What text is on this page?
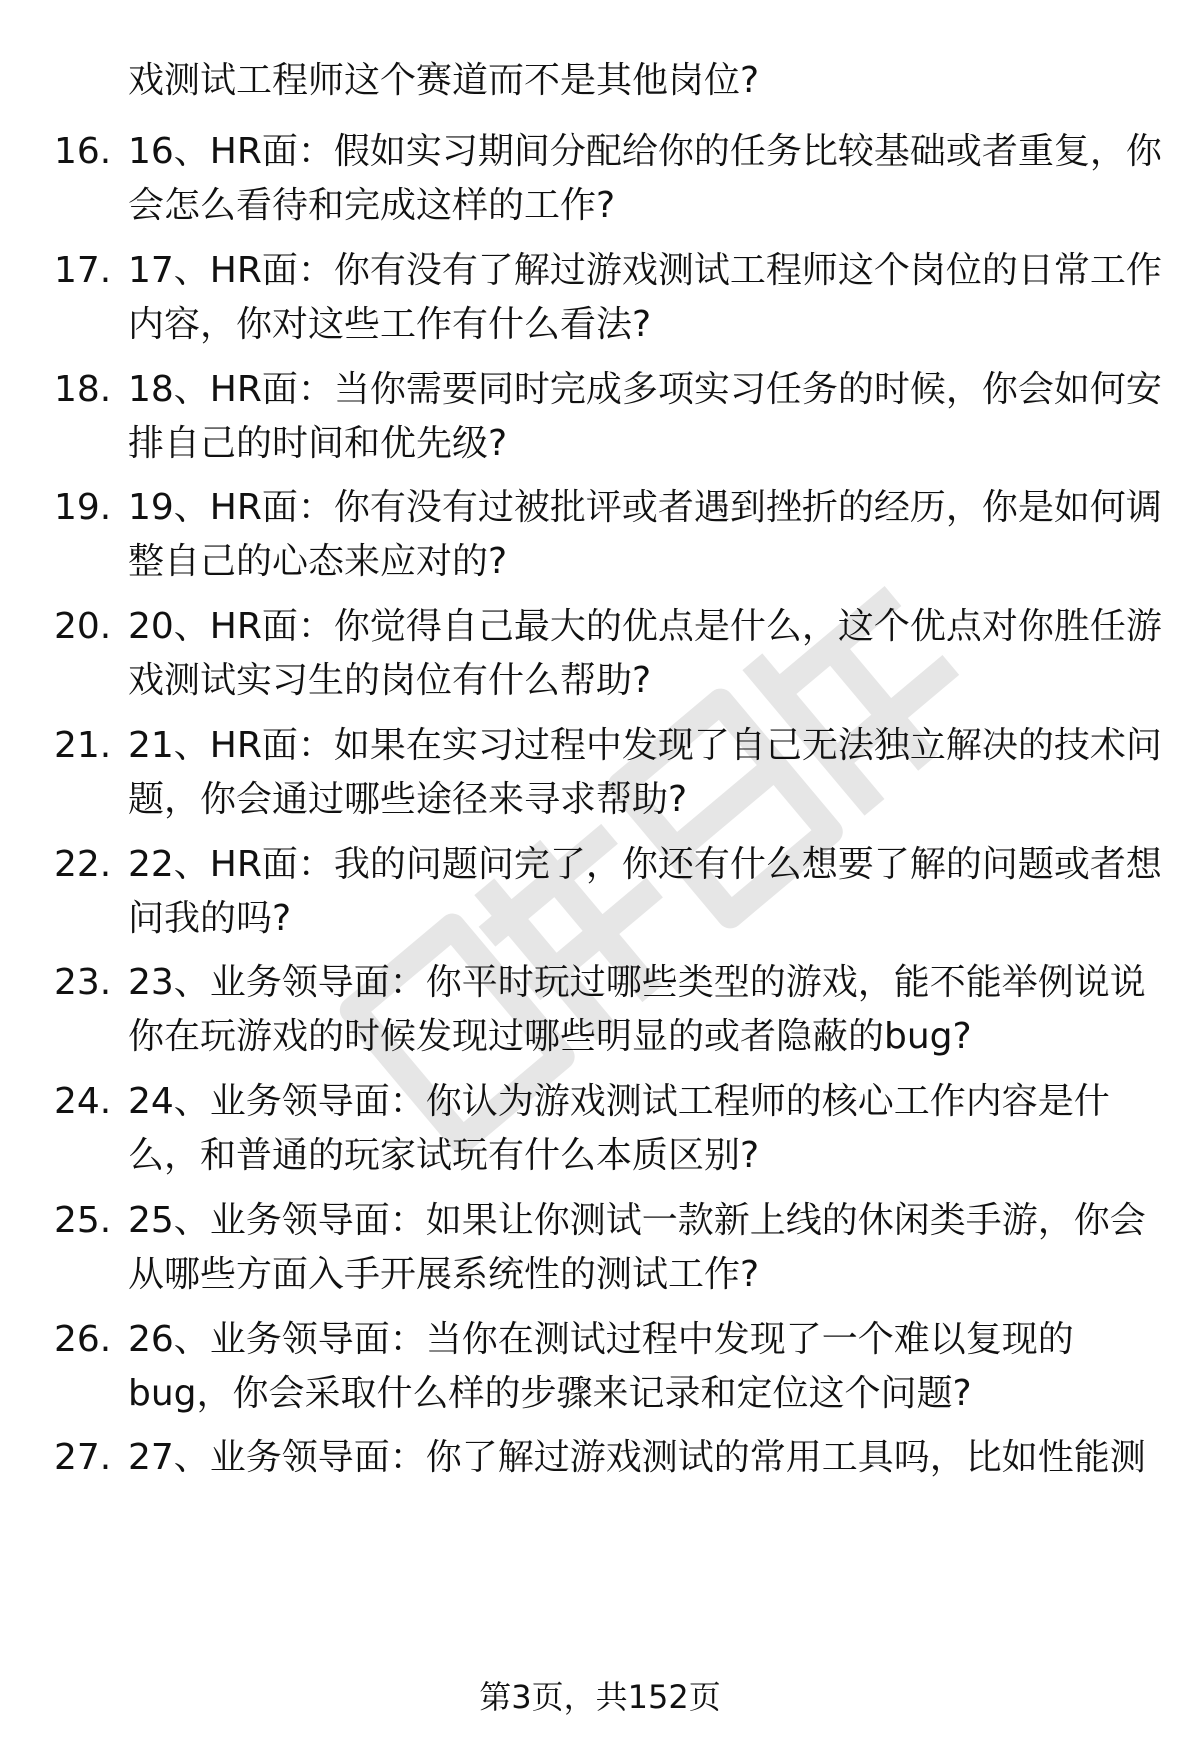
戏测试工程师这个赛道而不是其他岗位?
16. 16、HR面：假如实习期间分配给你的任务比较基础或者重复，你
会怎么看待和完成这样的工作?
17. 17、HR面：你有没有了解过游戏测试工程师这个岗位的日常工作
内容，你对这些工作有什么看法?
18. 18、HR面：当你需要同时完成多项实习任务的时候，你会如何安
排自己的时间和优先级?
19. 19、HR面：你有没有过被批评或者遇到挫折的经历，你是如何调
整自己的心态来应对的?
20. 20、HR面：你觉得自己最大的优点是什么，这个优点对你胜任游
戏测试实习生的岗位有什么帮助?
21. 21、HR面：如果在实习过程中发现了自己无法独立解决的技术问
题，你会通过哪些途径来寻求帮助?
22. 22、HR面：我的问题问完了，你还有什么想要了解的问题或者想
问我的吗?
23. 23、业务领导面：你平时玩过哪些类型的游戏，能不能举例说说
你在玩游戏的时候发现过哪些明显的或者隐蔽的bug?
24. 24、业务领导面：你认为游戏测试工程师的核心工作内容是什
么，和普通的玩家试玩有什么本质区别?
25. 25、业务领导面：如果让你测试一款新上线的休闲类手游，你会
从哪些方面入手开展系统性的测试工作?
26. 26、业务领导面：当你在测试过程中发现了一个难以复现的
bug，你会采取什么样的步骤来记录和定位这个问题?
27. 27、业务领导面：你了解过游戏测试的常用工具吗，比如性能测
第3页，共152页
